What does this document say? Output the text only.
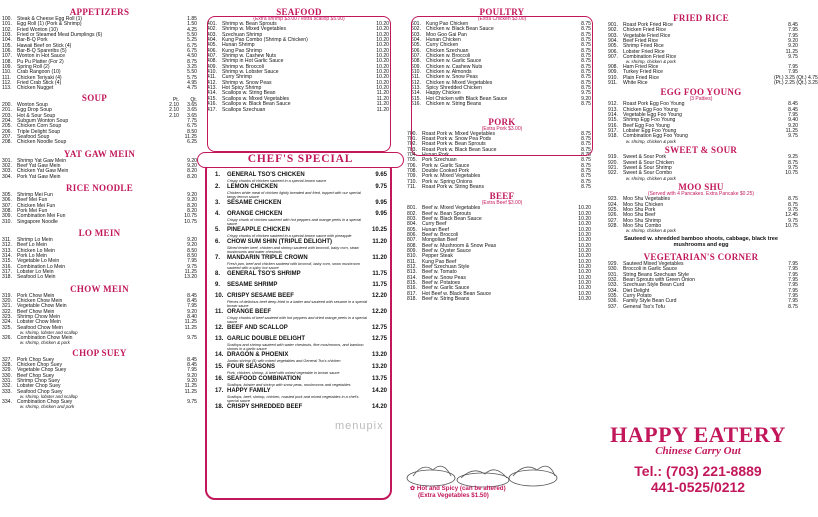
APPETIZERS
100. Steak & Cheese Egg Roll (1)	1.85
101. Egg Roll (1) (Pork & Shrimp)	1.50
102. Fried Wonton (10)	4.25
103. Fried or Steamed Meat Dumplings (6)	5.50
104. Bar-B-Q Pork	5.25
105. Hawaii Beef on Stick (4)	6.75
106. Bar-B-Q Spareribs (5)	6.75
107. Wonton in Hot Sauce	4.50
108. Pu Pu Platter (For 2)	8.75
109. Spring Roll (2)	3.25
110.	Crab Rangoon (10)	5.50
111.	Chicken Teriyaki (4)	5.75
112.	Fried Crab Stick (4)	4.95
113.	Chicken Nugget	4.75
SOUP	Pt.	Qt.
200. Wonton Soup	2.10	3.65
201. Egg Drop Soup	2.10	3.65
203. Hot & Sour Soup	2.10	3.65
204. Subgum Wonton Soup	7.75
205. Chicken Corn Soup	6.75
206. Triple Delight Soup	8.50
207. Seafood Soup	11.25
208. Chicken Noodle Soup	6.25
YAT GAW MEIN
301. Shrimp Yat Gaw Mein	9.20
302. Beef Yat Gaw Mein	9.20
303. Chicken Yat Gaw Mein	8.20
304. Pork Yat Gaw Mein	8.20
RICE NOODLE
305. Shrimp Mei Fun	9.20
306. Beef Mei Fun	9.20
307. Chicken Mei Fun	8.20
308. Pork Mei Fun	8.20
309. Combination Mei Fun	10.75
310. Singapore Noodle	10.75
LO MEIN
311.	Shrimp Lo Mein	9.20
312. Beef Lo Mein	9.20
313. Chicken Lo Mein	8.50
314. Pork Lo Mein	8.50
315. Vegetable Lo Mein	7.95
316. Combination Lo Mein	9.75
317. Lobster Lo Mein	11.25
318. Seafood Lo Mein	13.20
CHOW MEIN
319. Pork Chow Mein	8.45
320. Chicken Chow Mein	8.45
321. Vegetable Chow Mein	7.95
322. Beef Chow Mein	9.20
323. Shrimp Chow Mein	8.40
324. Lobster Chow Mein	11.25
325. Seafood Chow Mein	11.25
w. shrimp, lobster and scallop
326. Combination Chow Mein	9.75
w. shrimp, chicken & pork
CHOP SUEY
327. Pork Chop Suey	8.45
328. Chicken Chop Suey	8.45
329. Vegetable Chop Suey	7.95
330. Beef Chop Suey	9.20
331. Shrimp Chop Suey	9.20
332. Lobster Chop Suey	11.25
333. Seafood Chop Suey	11.25
w. shrimp, lobster and scallop
334. Combination Chop Suey	9.75
w. shrimp, chicken and pork
SEAFOOD
(Extra shrimp $3.00 / extra scallop $5.00)
401. Shrimp w. Bean Sprouts	10.20
402. Shrimp w. Mixed Vegetables	10.20
403. Szechuan Shrimp	10.20
404. Kung Pao Combo (Shrimp & Chicken)	10.20
405. Hunan Shrimp	10.20
406. Kung Pao Shrimp	10.20
407. Shrimp w. Cashew Nuts	10.20
408. Shrimp in Hot Garlic Sauce	10.20
409. Shrimp w. Broccoli	10.20
410. Shrimp w. Lobster Sauce	10.20
411.	Curry Shrimp	10.20
412. Shrimp w. Snow Peas	10.20
413. Hot Spicy Shrimp	10.20
414. Scallops w. String Bean	11.20
415. Scallops w. Mixed Vegetables	11.20
416. Scallops w. Black Bean Sauce	11.20
417. Scallops Szechuan	11.20
CHEF'S SPECIAL
1.	GENERAL TSO'S CHICKEN	9.65
Crispy chunks of chicken sauteed in a special brown sauce
2.	LEMON CHICKEN	9.75
Chicken white meat of chicken lightly breaded and fried, topped with our special tangy lemon sauce
3.	SESAME CHICKEN	9.95
4.	ORANGE CHICKEN	9.95
Crispy chunk of chicken sauteed with hot peppers and orange peels in a special sauce
5.	PINEAPPLE CHICKEN	10.25
Crispy chunks of chicken sauteed in a special brown sauce with pineapple
6.	CHOW SUM SHIN (TRIPLE DELIGHT)	11.20
Sliced tender beef, chicken and shrimp sauteed with broccoli, baby corn, straw mushrooms and water chestnuts
7.	MANDARIN TRIPLE CROWN	11.20
Fresh jam, beef and chicken sauteed with broccoli, baby corn, snow mushroom sauteed with a spicy hot sauce
8.	GENERAL TSO'S SHRIMP	11.75
9.	SESAME SHRIMP	11.75
10. CRISPY SESAME BEEF	12.20
Pieces of delicious beef deep-fried in a batter and sauteed with sesame in a special brown sauce
11. ORANGE BEEF	12.20
Crispy chunks of beef sauteed with hot peppers and dried orange peels in a special sauce
12. BEEF AND SCALLOP	12.75
13. GARLIC DOUBLE DELIGHT	12.75
Scallops and shrimp sauteed with water chestnuts, fine mushrooms, and bamboo shoots in a garlic sauce
14. DRAGON & PHOENIX	13.20
Jumbo shrimp (5) with mixed vegetables and General Tso's chicken
15. FOUR SEASONS	13.20
Pork, chicken, shrimp, & beef with mixed vegetable in brown sauce
16. SEAFOOD COMBINATION	13.75
Scallops, lobster and shrimp with snow peas, mushrooms and vegetables
17. HAPPY FAMILY	14.20
Scallops, beef, shrimp, chicken, roasted pork and mixed vegetables in a chef's special sauce
18. CRISPY SHREDDED BEEF	14.20
POULTRY
(Extra Chicken $3.00)
601. Kung Pao Chicken	8.75
602. Chicken w. Black Bean Sauce	8.75
603. Moo Goo Gai Pan	8.75
604. Hunan Chicken	8.75
605. Curry Chicken	8.75
606. Chicken Szechuan	8.75
607. Chicken w. Broccoli	8.75
608. Chicken w. Garlic Sauce	8.75
609. Chicken w. Cashew Nuts	8.75
610. Chicken w. Almonds	8.75
611.	Chicken w. Snow Peas	8.75
612. Chicken w. Mixed Vegetables	8.75
613. Spicy Shredded Chicken	8.75
614. Happy Chicken	9.75
615. Hot Chicken with Black Bean Sauce	9.20
616. Chicken w. String Beans	8.75
PORK
(Extra Pork $3.00)
700. Roast Pork w. Mixed Vegetables	8.75
701. Roast Pork w. Snow Pea Pods	8.75
702. Roast Pork w. Bean Sprouts	8.75
703. Roast Pork w. Black Bean Sauce	8.75
704. Hunan Pork	8.75
705. Pork Szechuan	8.75
706. Pork w. Garlic Sauce	8.75
708. Double Cooked Pork	8.75
709. Pork w. Mixed Vegetables	8.75
710. Pork w. Spring Onions	8.75
711.	Roast Pork w. String Beans	8.75
BEEF
(Extra Beef $3.00)
801. Beef w. Mixed Vegetables	10.20
802. Beef w. Bean Sprouts	10.20
803. Beef w. Black Bean Sauce	10.20
804. Curry Beef	10.20
805. Hunan Beef	10.20
806. Beef w. Broccoli	10.20
807. Mongolian Beef	10.20
808. Beef w. Mushroom & Snow Peas	10.20
809. Beef w. Oyster Sauce	10.20
810. Pepper Steak	10.20
811.	Kung Pao Beef	10.20
812. Beef Szechuan Style	10.20
813. Beef w. Tomato	10.20
814. Beef w. Snow Peas	10.20
815. Beef w. Potatoes	10.20
816. Beef w. Garlic Sauce	10.20
817. Hot Beef w. Black Bean Sauce	10.20
818. Beef w. String Beans	10.20
FRIED RICE
901. Roast Pork Fried Rice	8.45
902. Chicken Fried Rice	7.95
903. Vegetable Fried Rice	7.95
904. Beef Fried Rice	9.20
905. Shrimp Fried Rice	9.20
906. Lobster Fried Rice	11.25
907. Combination Fried Rice	9.75
w. shrimp, chicken & pork
908. Ham Fried Rice	7.95
909. Turkey Fried Rice	7.95
910. Plain Fried Rice	(Pt.) 3.25 (Qt.) 4.75
911.	White Rice	(Pt.) 2.25 (Qt.) 3.25
EGG FOO YOUNG
(3 Patties)
912. Roast Pork Egg Foo Young	8.45
913. Chicken Egg Foo Young	8.45
914. Vegetable Egg Foo Young	7.95
915. Shrimp Egg Foo Young	9.40
916. Beef Egg Foo Young	9.20
917. Lobster Egg Foo Young	11.25
918. Combination Egg Foo Young	9.75
w. shrimp, chicken & pork
SWEET & SOUR
919. Sweet & Sour Pork	9.25
920. Sweet & Sour Chicken	8.75
921. Sweet & Sour Shrimp	9.75
922. Sweet & Sour Combo	10.75
w. shrimp, chicken & pork
MOO SHU
(Served with 4 Pancakes. Extra Pancake $0.25)
923. Moo Shu Vegetables	8.75
924. Moo Shu Chicken	8.75
925. Moo Shu Pork	9.75
926. Moo Shu Beef	12.45
927. Moo Shu Shrimp	9.75
928. Moo Shu Combo	10.75
w. shrimp, chicken & pork
Sauteed w. shredded bamboo shoots, cabbage, black tree mushrooms and egg
VEGETARIAN'S CORNER
929. Sauteed Mixed Vegetables	7.95
930. Broccoli in Garlic Sauce	7.95
931. String Beans Szechuan Style	7.95
932. Bean Sprouts with Green Onion	7.95
933. Szechuan Style Bean Curd	7.95
934. Diet Delight	7.95
935. Curry Potato	7.95
936. Family Style Bean Curd	7.95
937. General Tso's Tofu	8.75
menupix	HAPPY EATERY
Chinese Carry Out
Tel.: (703) 221-8889
441-0525/0212
✿ Hot and Spicy (can be altered)
(Extra Vegetables $1.50)
